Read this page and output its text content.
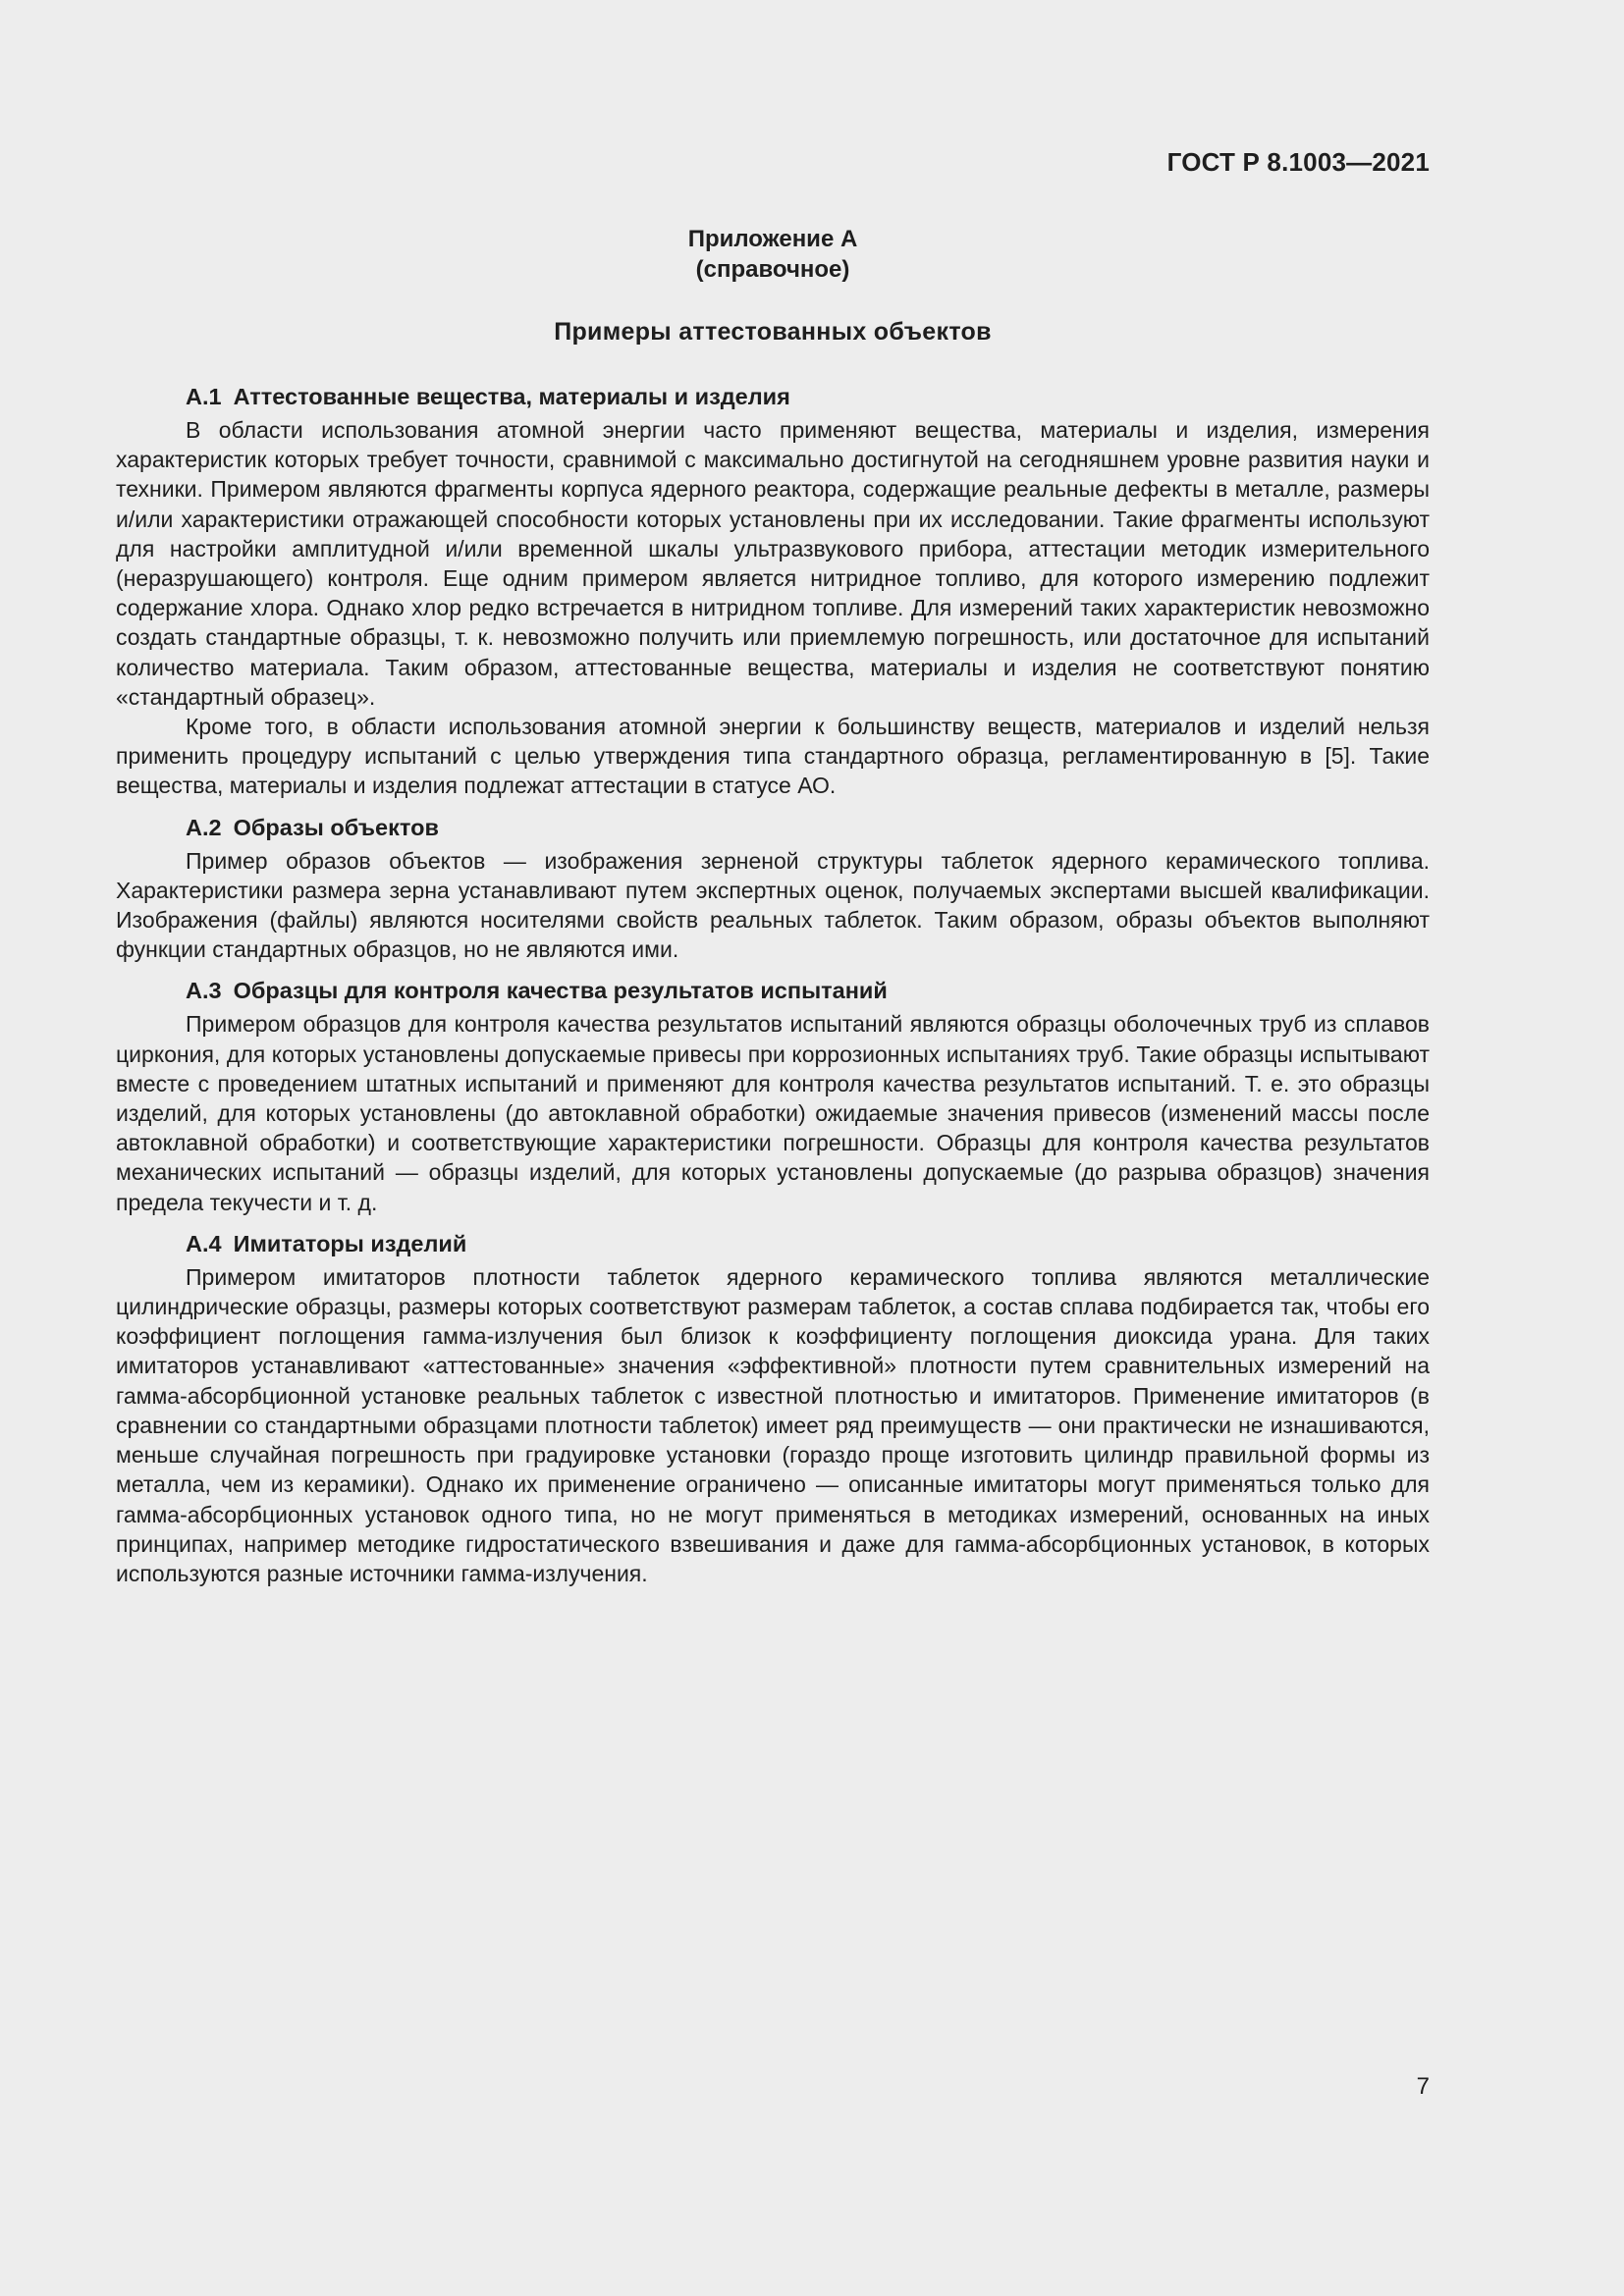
ГОСТ Р 8.1003—2021
Приложение А
(справочное)
Примеры аттестованных объектов
А.1 Аттестованные вещества, материалы и изделия

В области использования атомной энергии часто применяют вещества, материалы и изделия, измерения характеристик которых требует точности, сравнимой с максимально достигнутой на сегодняшнем уровне развития науки и техники. Примером являются фрагменты корпуса ядерного реактора, содержащие реальные дефекты в металле, размеры и/или характеристики отражающей способности которых установлены при их исследовании. Такие фрагменты используют для настройки амплитудной и/или временной шкалы ультразвукового прибора, аттестации методик измерительного (неразрушающего) контроля. Еще одним примером является нитридное топливо, для которого измерению подлежит содержание хлора. Однако хлор редко встречается в нитридном топливе. Для измерений таких характеристик невозможно создать стандартные образцы, т. к. невозможно получить или приемлемую погрешность, или достаточное для испытаний количество материала. Таким образом, аттестованные вещества, материалы и изделия не соответствуют понятию «стандартный образец».

Кроме того, в области использования атомной энергии к большинству веществ, материалов и изделий нельзя применить процедуру испытаний с целью утверждения типа стандартного образца, регламентированную в [5]. Такие вещества, материалы и изделия подлежат аттестации в статусе АО.

А.2 Образы объектов

Пример образов объектов — изображения зерненой структуры таблеток ядерного керамического топлива. Характеристики размера зерна устанавливают путем экспертных оценок, получаемых экспертами высшей квалификации. Изображения (файлы) являются носителями свойств реальных таблеток. Таким образом, образы объектов выполняют функции стандартных образцов, но не являются ими.

А.3 Образцы для контроля качества результатов испытаний

Примером образцов для контроля качества результатов испытаний являются образцы оболочечных труб из сплавов циркония, для которых установлены допускаемые привесы при коррозионных испытаниях труб. Такие образцы испытывают вместе с проведением штатных испытаний и применяют для контроля качества результатов испытаний. Т. е. это образцы изделий, для которых установлены (до автоклавной обработки) ожидаемые значения привесов (изменений массы после автоклавной обработки) и соответствующие характеристики погрешности. Образцы для контроля качества результатов механических испытаний — образцы изделий, для которых установлены допускаемые (до разрыва образцов) значения предела текучести и т. д.

А.4 Имитаторы изделий

Примером имитаторов плотности таблеток ядерного керамического топлива являются металлические цилиндрические образцы, размеры которых соответствуют размерам таблеток, а состав сплава подбирается так, чтобы его коэффициент поглощения гамма-излучения был близок к коэффициенту поглощения диоксида урана. Для таких имитаторов устанавливают «аттестованные» значения «эффективной» плотности путем сравнительных измерений на гамма-абсорбционной установке реальных таблеток с известной плотностью и имитаторов. Применение имитаторов (в сравнении со стандартными образцами плотности таблеток) имеет ряд преимуществ — они практически не изнашиваются, меньше случайная погрешность при градуировке установки (гораздо проще изготовить цилиндр правильной формы из металла, чем из керамики). Однако их применение ограничено — описанные имитаторы могут применяться только для гамма-абсорбционных установок одного типа, но не могут применяться в методиках измерений, основанных на иных принципах, например методике гидростатического взвешивания и даже для гамма-абсорбционных установок, в которых используются разные источники гамма-излучения.

7
